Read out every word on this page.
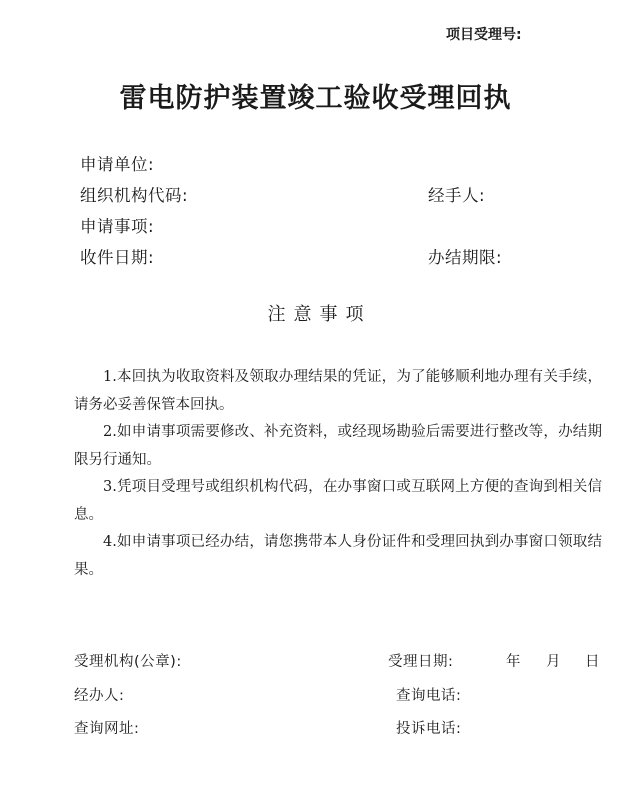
项目受理号:
雷电防护装置竣工验收受理回执
申请单位:
组织机构代码:	经手人:
申请事项:
收件日期:	办结期限:
注意事项

1.本回执为收取资料及领取办理结果的凭证，为了能够顺利地办理有关手续，请务必妥善保管本回执。

2.如申请事项需要修改、补充资料，或经现场勘验后需要进行整改等，办结期限另行通知。

3.凭项目受理号或组织机构代码，在办事窗口或互联网上方便的查询到相关信息。

4.如申请事项已经办结，请您携带本人身份证件和受理回执到办事窗口领取结果。

受理机构(公章):	受理日期:	年 月 日
经办人:	查询电话:
查询网址:	投诉电话:
